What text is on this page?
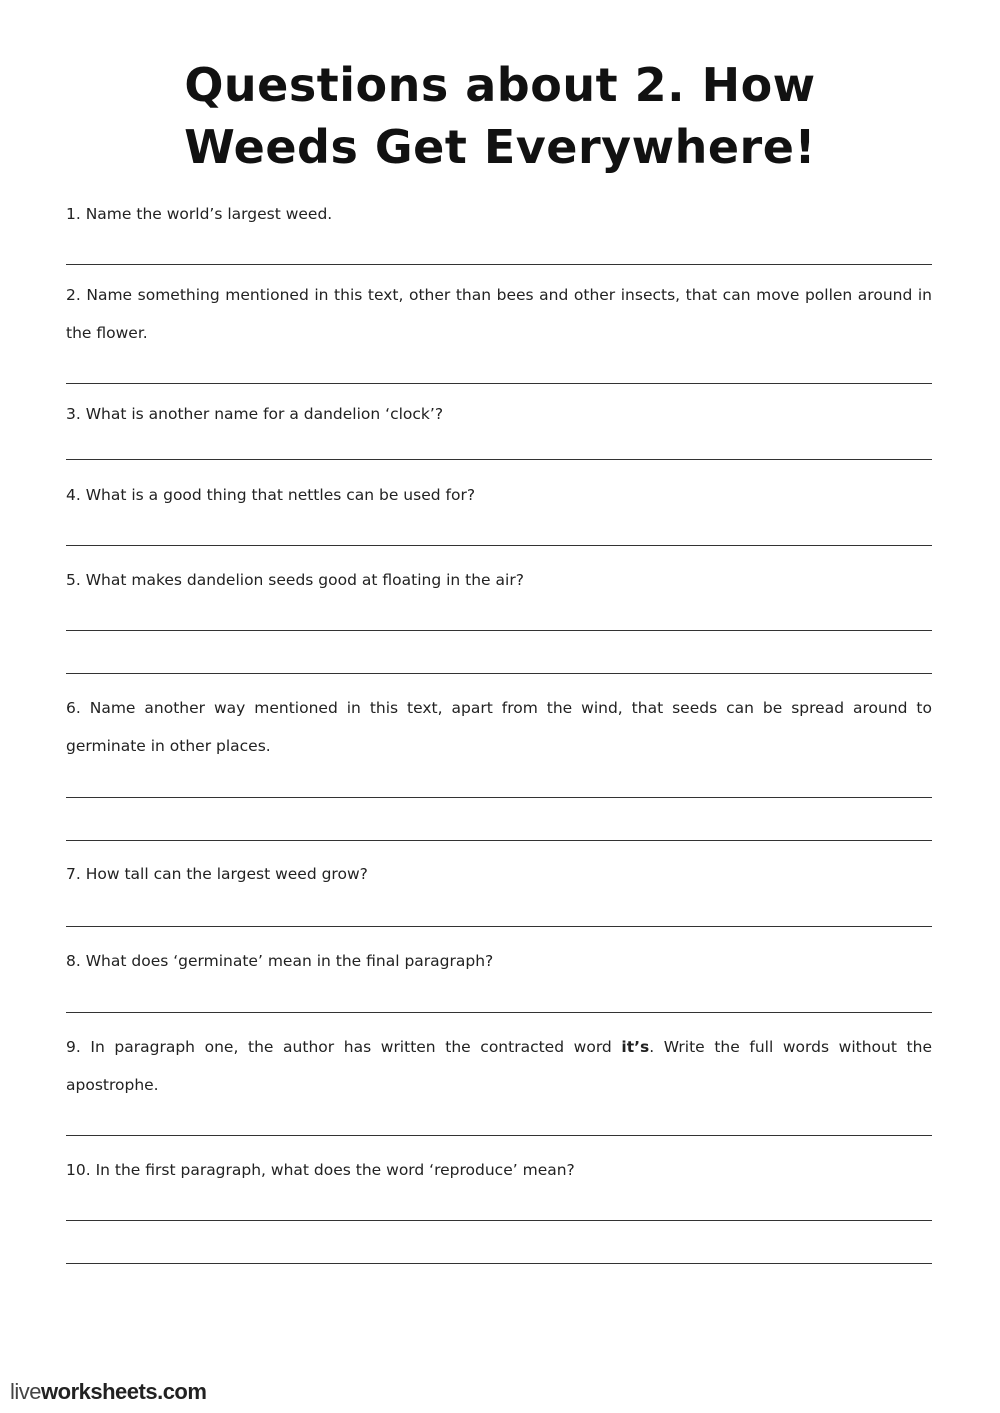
Questions about 2. How
Weeds Get Everywhere!
1. Name the world’s largest weed.
2. Name something mentioned in this text, other than bees and other insects, that can move pollen around in the flower.
3. What is another name for a dandelion ‘clock’?
4. What is a good thing that nettles can be used for?
5. What makes dandelion seeds good at floating in the air?
6. Name another way mentioned in this text, apart from the wind, that seeds can be spread around to germinate in other places.
7. How tall can the largest weed grow?
8. What does ‘germinate’ mean in the final paragraph?
9. In paragraph one, the author has written the contracted word it’s. Write the full words without the apostrophe.
10. In the first paragraph, what does the word ‘reproduce’ mean?
liveworksheets.com
